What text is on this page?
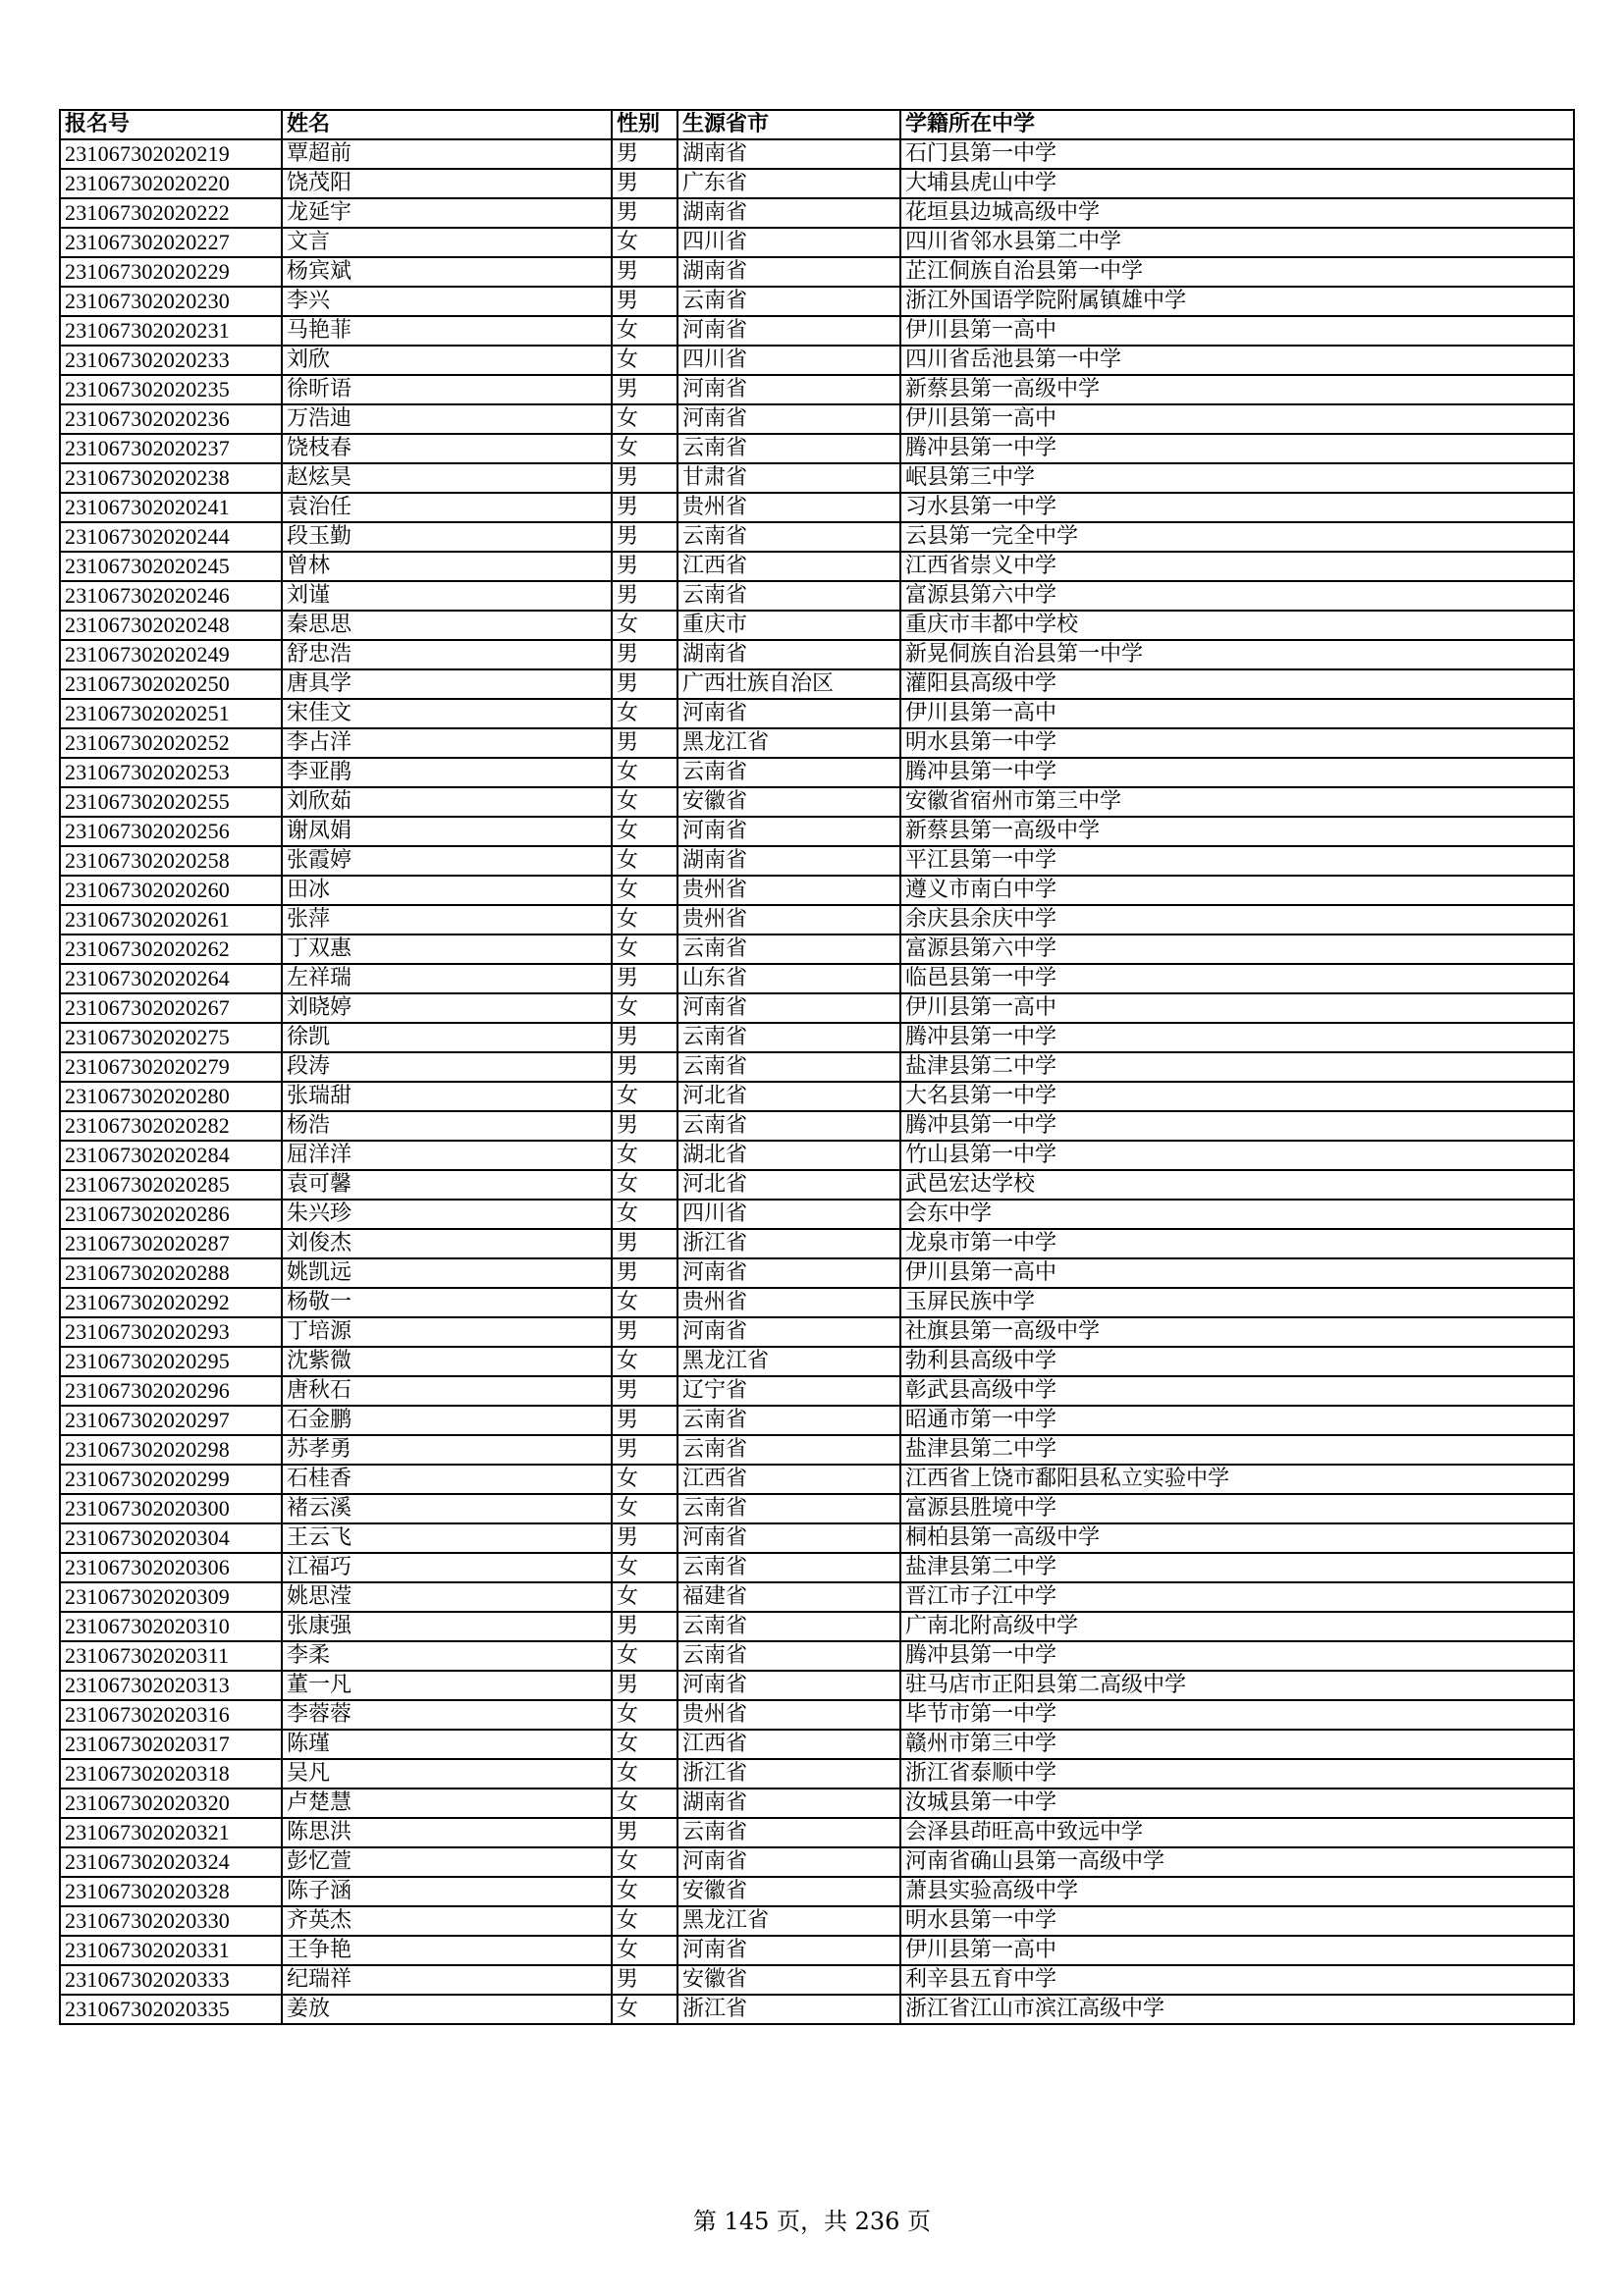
报名号	姓名	性别	生源省市	学籍所在中学
231067302020219	覃超前	男	湖南省	石门县第一中学
231067302020220	饶茂阳	男	广东省	大埔县虎山中学
231067302020222	龙延宇	男	湖南省	花垣县边城高级中学
231067302020227	文言	女	四川省	四川省邻水县第二中学
231067302020229	杨宾斌	男	湖南省	芷江侗族自治县第一中学
231067302020230	李兴	男	云南省	浙江外国语学院附属镇雄中学
231067302020231	马艳菲	女	河南省	伊川县第一高中
231067302020233	刘欣	女	四川省	四川省岳池县第一中学
231067302020235	徐昕语	男	河南省	新蔡县第一高级中学
231067302020236	万浩迪	女	河南省	伊川县第一高中
231067302020237	饶枝春	女	云南省	腾冲县第一中学
231067302020238	赵炫昊	男	甘肃省	岷县第三中学
231067302020241	袁治任	男	贵州省	习水县第一中学
231067302020244	段玉勤	男	云南省	云县第一完全中学
231067302020245	曾林	男	江西省	江西省崇义中学
231067302020246	刘谨	男	云南省	富源县第六中学
231067302020248	秦思思	女	重庆市	重庆市丰都中学校
231067302020249	舒忠浩	男	湖南省	新晃侗族自治县第一中学
231067302020250	唐具学	男	广西壮族自治区	灌阳县高级中学
231067302020251	宋佳文	女	河南省	伊川县第一高中
231067302020252	李占洋	男	黑龙江省	明水县第一中学
231067302020253	李亚鹃	女	云南省	腾冲县第一中学
231067302020255	刘欣茹	女	安徽省	安徽省宿州市第三中学
231067302020256	谢凤娟	女	河南省	新蔡县第一高级中学
231067302020258	张霞婷	女	湖南省	平江县第一中学
231067302020260	田冰	女	贵州省	遵义市南白中学
231067302020261	张萍	女	贵州省	余庆县余庆中学
231067302020262	丁双惠	女	云南省	富源县第六中学
231067302020264	左祥瑞	男	山东省	临邑县第一中学
231067302020267	刘晓婷	女	河南省	伊川县第一高中
231067302020275	徐凯	男	云南省	腾冲县第一中学
231067302020279	段涛	男	云南省	盐津县第二中学
231067302020280	张瑞甜	女	河北省	大名县第一中学
231067302020282	杨浩	男	云南省	腾冲县第一中学
231067302020284	屈洋洋	女	湖北省	竹山县第一中学
231067302020285	袁可馨	女	河北省	武邑宏达学校
231067302020286	朱兴珍	女	四川省	会东中学
231067302020287	刘俊杰	男	浙江省	龙泉市第一中学
231067302020288	姚凯远	男	河南省	伊川县第一高中
231067302020292	杨敬一	女	贵州省	玉屏民族中学
231067302020293	丁培源	男	河南省	社旗县第一高级中学
231067302020295	沈紫微	女	黑龙江省	勃利县高级中学
231067302020296	唐秋石	男	辽宁省	彰武县高级中学
231067302020297	石金鹏	男	云南省	昭通市第一中学
231067302020298	苏孝勇	男	云南省	盐津县第二中学
231067302020299	石桂香	女	江西省	江西省上饶市鄱阳县私立实验中学
231067302020300	褚云溪	女	云南省	富源县胜境中学
231067302020304	王云飞	男	河南省	桐柏县第一高级中学
231067302020306	江福巧	女	云南省	盐津县第二中学
231067302020309	姚思滢	女	福建省	晋江市子江中学
231067302020310	张康强	男	云南省	广南北附高级中学
231067302020311	李柔	女	云南省	腾冲县第一中学
231067302020313	董一凡	男	河南省	驻马店市正阳县第二高级中学
231067302020316	李蓉蓉	女	贵州省	毕节市第一中学
231067302020317	陈瑾	女	江西省	赣州市第三中学
231067302020318	吴凡	女	浙江省	浙江省泰顺中学
231067302020320	卢楚慧	女	湖南省	汝城县第一中学
231067302020321	陈思洪	男	云南省	会泽县茚旺高中致远中学
231067302020324	彭忆萱	女	河南省	河南省确山县第一高级中学
231067302020328	陈子涵	女	安徽省	萧县实验高级中学
231067302020330	齐英杰	女	黑龙江省	明水县第一中学
231067302020331	王争艳	女	河南省	伊川县第一高中
231067302020333	纪瑞祥	男	安徽省	利辛县五育中学
231067302020335	姜放	女	浙江省	浙江省江山市滨江高级中学
第 145 页，共 236 页
